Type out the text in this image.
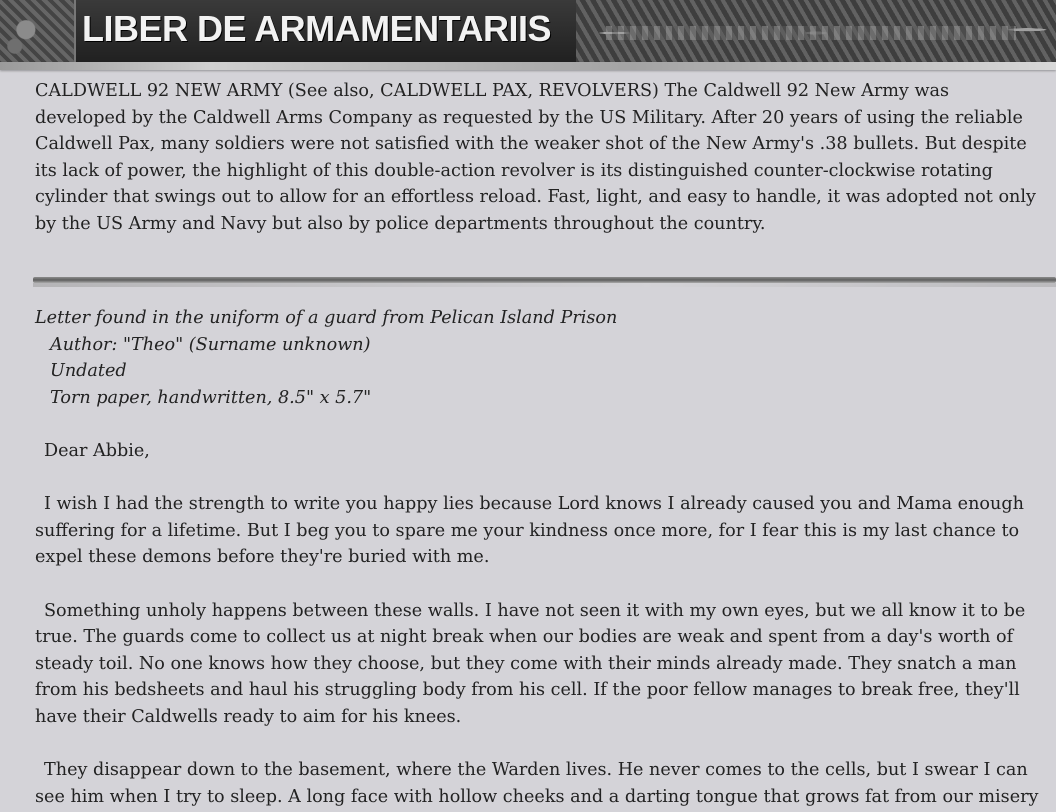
LIBER DE ARMAMENTARIIS

CALDWELL 92 NEW ARMY (See also, CALDWELL PAX, REVOLVERS) The Caldwell 92 New Army was developed by the Caldwell Arms Company as requested by the US Military. After 20 years of using the reliable Caldwell Pax, many soldiers were not satisfied with the weaker shot of the New Army's .38 bullets. But despite its lack of power, the highlight of this double-action revolver is its distinguished counter-clockwise rotating cylinder that swings out to allow for an effortless reload. Fast, light, and easy to handle, it was adopted not only by the US Army and Navy but also by police departments throughout the country.

Letter found in the uniform of a guard from Pelican Island Prison

Author: "Theo" (Surname unknown)

Undated

Torn paper, handwritten, 8.5" x 5.7"

Dear Abbie,

I wish I had the strength to write you happy lies because Lord knows I already caused you and Mama enough suffering for a lifetime. But I beg you to spare me your kindness once more, for I fear this is my last chance to expel these demons before they're buried with me.

Something unholy happens between these walls. I have not seen it with my own eyes, but we all know it to be true. The guards come to collect us at night break when our bodies are weak and spent from a day's worth of steady toil. No one knows how they choose, but they come with their minds already made. They snatch a man from his bedsheets and haul his struggling body from his cell. If the poor fellow manages to break free, they'll have their Caldwells ready to aim for his knees.

They disappear down to the basement, where the Warden lives. He never comes to the cells, but I swear I can see him when I try to sleep. A long face with hollow cheeks and a darting tongue that grows fat from our misery
